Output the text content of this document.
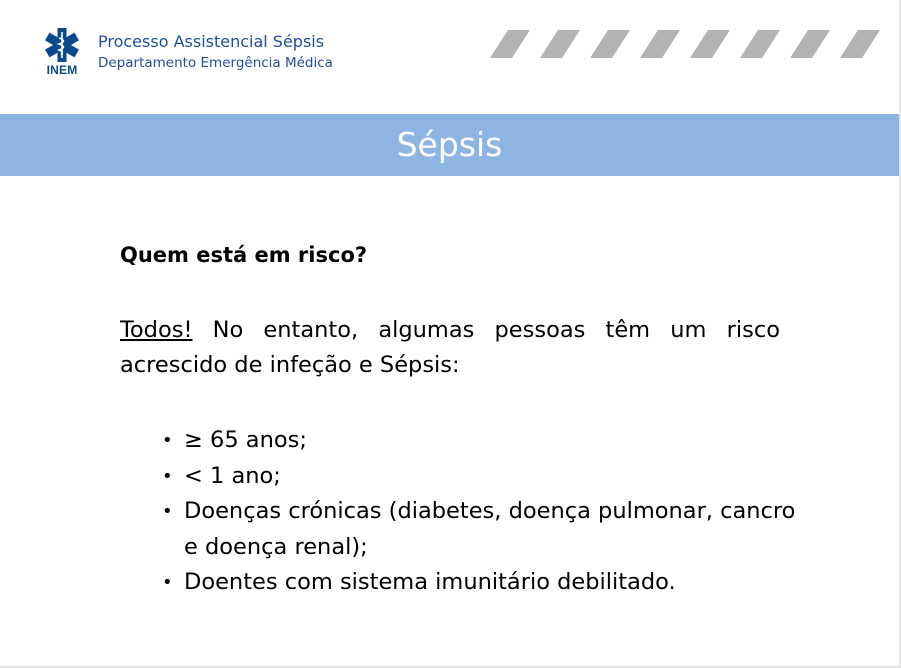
INEM
Processo Assistencial Sépsis
Departamento Emergência Médica
Sépsis
Quem está em risco?
Todos! No entanto, algumas pessoas têm um risco acrescido de infeção e Sépsis:
• ≥ 65 anos;
• < 1 ano;
• Doenças crónicas (diabetes, doença pulmonar, cancro e doença renal);
• Doentes com sistema imunitário debilitado.
